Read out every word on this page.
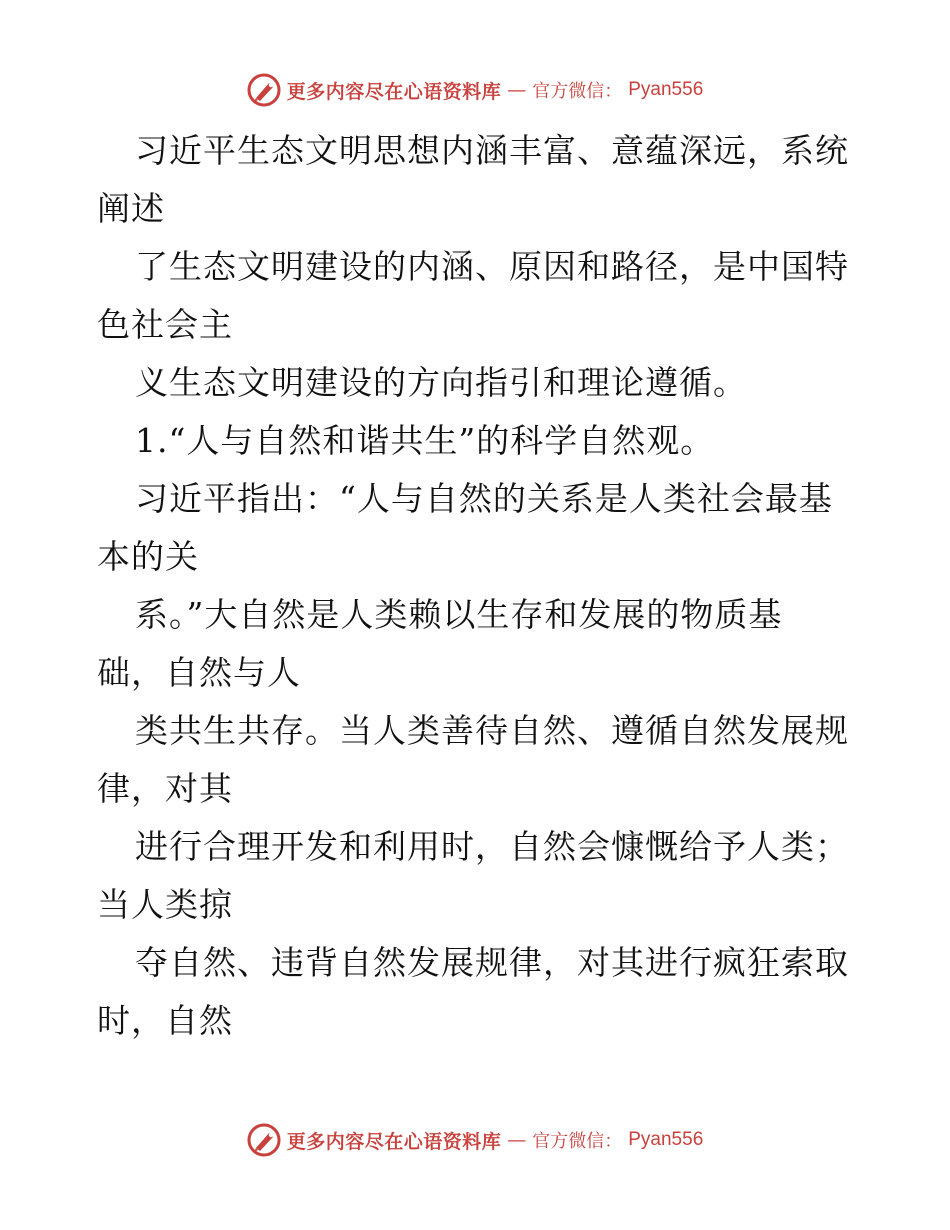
更多内容尽在心语资料库 — 官方微信： Pyan556
习近平生态文明思想内涵丰富、意蕴深远，系统
阐述
了生态文明建设的内涵、原因和路径，是中国特
色社会主
义生态文明建设的方向指引和理论遵循。
1.“人与自然和谐共生”的科学自然观。
习近平指出：“人与自然的关系是人类社会最基
本的关
系。”大自然是人类赖以生存和发展的物质基
础，自然与人
类共生共存。当人类善待自然、遵循自然发展规
律，对其
进行合理开发和利用时，自然会慷慨给予人类；
当人类掠
夺自然、违背自然发展规律，对其进行疯狂索取
时，自然
更多内容尽在心语资料库 — 官方微信： Pyan556
